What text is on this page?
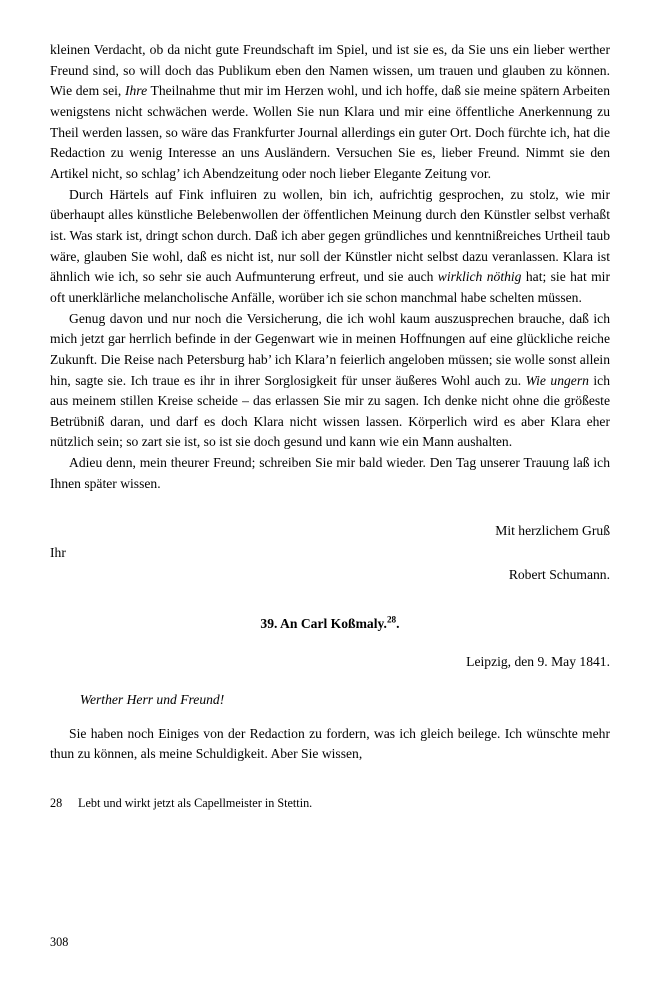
kleinen Verdacht, ob da nicht gute Freundschaft im Spiel, und ist sie es, da Sie uns ein lieber werther Freund sind, so will doch das Publikum eben den Namen wissen, um trauen und glauben zu können. Wie dem sei, Ihre Theilnahme thut mir im Herzen wohl, und ich hoffe, daß sie meine spätern Arbeiten wenigstens nicht schwächen werde. Wollen Sie nun Klara und mir eine öffentliche Anerkennung zu Theil werden lassen, so wäre das Frankfurter Journal allerdings ein guter Ort. Doch fürchte ich, hat die Redaction zu wenig Interesse an uns Ausländern. Versuchen Sie es, lieber Freund. Nimmt sie den Artikel nicht, so schlag’ ich Abendzeitung oder noch lieber Elegante Zeitung vor.

Durch Härtels auf Fink influiren zu wollen, bin ich, aufrichtig gesprochen, zu stolz, wie mir überhaupt alles künstliche Belebenwollen der öffentlichen Meinung durch den Künstler selbst verhaßt ist. Was stark ist, dringt schon durch. Daß ich aber gegen gründliches und kenntnißreiches Urtheil taub wäre, glauben Sie wohl, daß es nicht ist, nur soll der Künstler nicht selbst dazu veranlassen. Klara ist ähnlich wie ich, so sehr sie auch Aufmunterung erfreut, und sie auch wirklich nöthig hat; sie hat mir oft unerklärliche melancholische Anfälle, worüber ich sie schon manchmal habe schelten müssen.

Genug davon und nur noch die Versicherung, die ich wohl kaum auszusprechen brauche, daß ich mich jetzt gar herrlich befinde in der Gegenwart wie in meinen Hoffnungen auf eine glückliche reiche Zukunft. Die Reise nach Petersburg hab’ ich Klara’n feierlich angeloben müssen; sie wolle sonst allein hin, sagte sie. Ich traue es ihr in ihrer Sorglosigkeit für unser äußeres Wohl auch zu. Wie ungern ich aus meinem stillen Kreise scheide – das erlassen Sie mir zu sagen. Ich denke nicht ohne die größeste Betrübniß daran, und darf es doch Klara nicht wissen lassen. Körperlich wird es aber Klara eher nützlich sein; so zart sie ist, so ist sie doch gesund und kann wie ein Mann aushalten.

Adieu denn, mein theurer Freund; schreiben Sie mir bald wieder. Den Tag unserer Trauung laß ich Ihnen später wissen.

Mit herzlichem Gruß
Ihr
Robert Schumann.
39. An Carl Koßmaly.$^{28}$.
Leipzig, den 9. May 1841.
Werther Herr und Freund!

Sie haben noch Einiges von der Redaction zu fordern, was ich gleich beilege. Ich wünschte mehr thun zu können, als meine Schuldigkeit. Aber Sie wissen,

28 Lebt und wirkt jetzt als Capellmeister in Stettin.
308
